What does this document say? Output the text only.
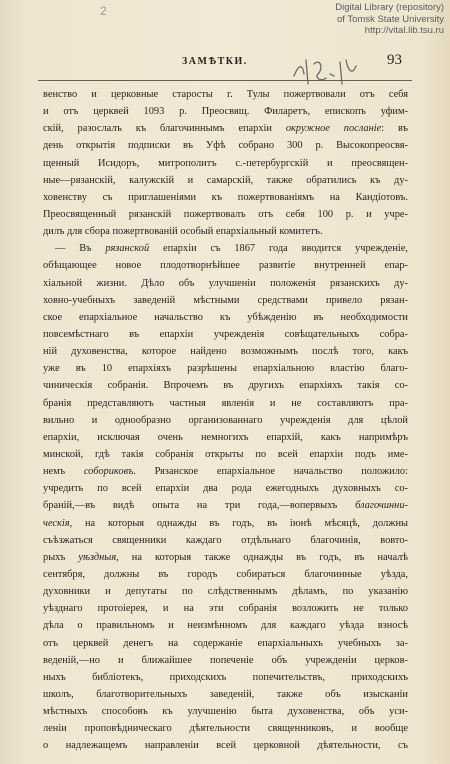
Digital Library (repository)
of Tomsk State University
http://vital.lib.tsu.ru
2
ЗАМѢТКИ.	93
венство и церковные старосты г. Тулы пожертвовали отъ себя
и отъ церквей 1093 р. Преосвящ. Филаретъ, епископъ уфим-
скій, разослалъ къ благочиннымъ епархіи окружное посланіе: въ
день открытія подписки въ Уфѣ собрано 300 р. Высокопреосвя-
щенный Исидоръ, митрополитъ с.-петербургскій и преосвящен-
ные—рязанскій, калужскій и самарскій, также обратились къ ду-
ховенству съ приглашеніями къ пожертвованіямъ на Кандіотовъ.
Преосвященный рязанскій пожертвовалъ отъ себя 100 р. и учре-
дилъ для сбора пожертвованій особый епархіальный комитетъ.
— Въ рязанской епархіи съ 1867 года вводится учрежденіе,
обѣщающее новое плодотворнѣйшее развитіе внутренней епар-
хіальной жизни. Дѣло объ улучшеніи положенія рязанскихъ ду-
ховно-учебныхъ заведеній мѣстными средствами привело рязан-
ское епархіальное начальство къ убѣжденію въ необходимости
повсемѣстнаго въ епархіи учрежденія совѣщательныхъ собра-
ній духовенства, которое найдено возможнымъ послѣ того, какъ
уже въ 10 епархіяхъ разрѣшены епархіальною властію благо-
чиническія собранія. Впрочемъ въ другихъ епархіяхъ такія со-
бранія представляютъ частныя явленія и не составляютъ пра-
вильно и однообразно организованнаго учрежденія для цѣлой
епархіи, исключая очень немногихъ епархій, какъ напримѣръ
минской, гдѣ такія собранія открыты по всей епархіи подъ име-
немъ собориковъ. Рязанское епархіальное начальство положило:
учредить по всей епархіи два рода ежегодныхъ духовныхъ со-
браній,—въ видѣ опыта на три года,—вопервыхъ благочинни-
ческія, на которыя однажды въ годъ, въ іюнѣ мѣсяцѣ, должны
съѣзжаться священники каждаго отдѣльнаго благочинія, вовто-
рыхъ уѣздныя, на которыя также однажды въ годъ, въ началѣ
сентября, должны въ городъ собираться благочинные уѣзда,
духовники и депутаты по слѣдственнымъ дѣламъ, по указанію
уѣзднаго протоіерея, и на эти собранія возложить не только
дѣла о правильномъ и неизмѣнномъ для каждаго уѣзда взносѣ
отъ церквей денегъ на содержаніе епархіальныхъ учебныхъ за-
веденій,—но и ближайшее попеченіе объ учрежденіи церков-
ныхъ библіотекъ, приходскихъ попечительствъ, приходскихъ
школъ, благотворительныхъ заведеній, также объ изысканіи
мѣстныхъ способовъ къ улучшенію быта духовенства, объ уси-
леніи проповѣдническаго дѣятельности священниковъ, и вообще
о надлежащемъ направленіи всей церковной дѣятельности, съ
